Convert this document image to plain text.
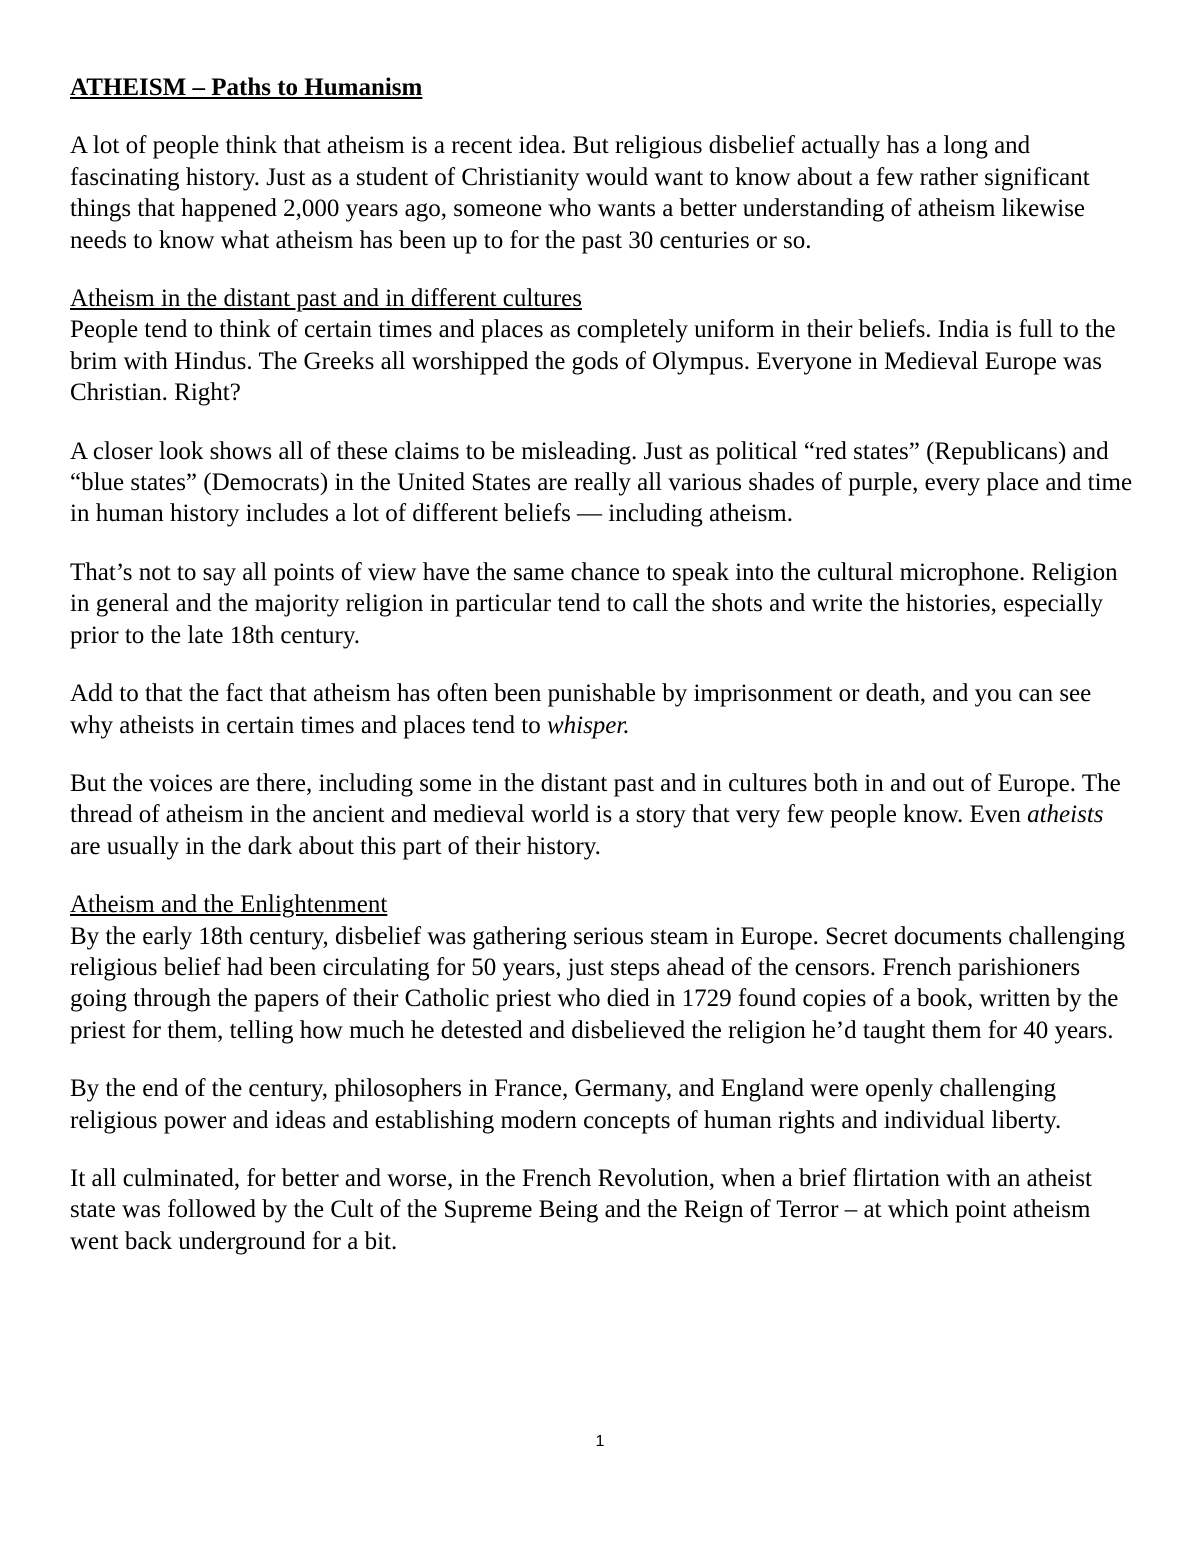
ATHEISM – Paths to Humanism

A lot of people think that atheism is a recent idea. But religious disbelief actually has a long and fascinating history. Just as a student of Christianity would want to know about a few rather significant things that happened 2,000 years ago, someone who wants a better understanding of atheism likewise needs to know what atheism has been up to for the past 30 centuries or so.

Atheism in the distant past and in different cultures

People tend to think of certain times and places as completely uniform in their beliefs. India is full to the brim with Hindus. The Greeks all worshipped the gods of Olympus. Everyone in Medieval Europe was Christian. Right?

A closer look shows all of these claims to be misleading. Just as political “red states” (Republicans) and “blue states” (Democrats) in the United States are really all various shades of purple, every place and time in human history includes a lot of different beliefs — including atheism.

That’s not to say all points of view have the same chance to speak into the cultural microphone. Religion in general and the majority religion in particular tend to call the shots and write the histories, especially prior to the late 18th century.

Add to that the fact that atheism has often been punishable by imprisonment or death, and you can see why atheists in certain times and places tend to whisper.

But the voices are there, including some in the distant past and in cultures both in and out of Europe. The thread of atheism in the ancient and medieval world is a story that very few people know. Even atheists are usually in the dark about this part of their history.

Atheism and the Enlightenment

By the early 18th century, disbelief was gathering serious steam in Europe. Secret documents challenging religious belief had been circulating for 50 years, just steps ahead of the censors. French parishioners going through the papers of their Catholic priest who died in 1729 found copies of a book, written by the priest for them, telling how much he detested and disbelieved the religion he’d taught them for 40 years.

By the end of the century, philosophers in France, Germany, and England were openly challenging religious power and ideas and establishing modern concepts of human rights and individual liberty.

It all culminated, for better and worse, in the French Revolution, when a brief flirtation with an atheist state was followed by the Cult of the Supreme Being and the Reign of Terror – at which point atheism went back underground for a bit.

1
